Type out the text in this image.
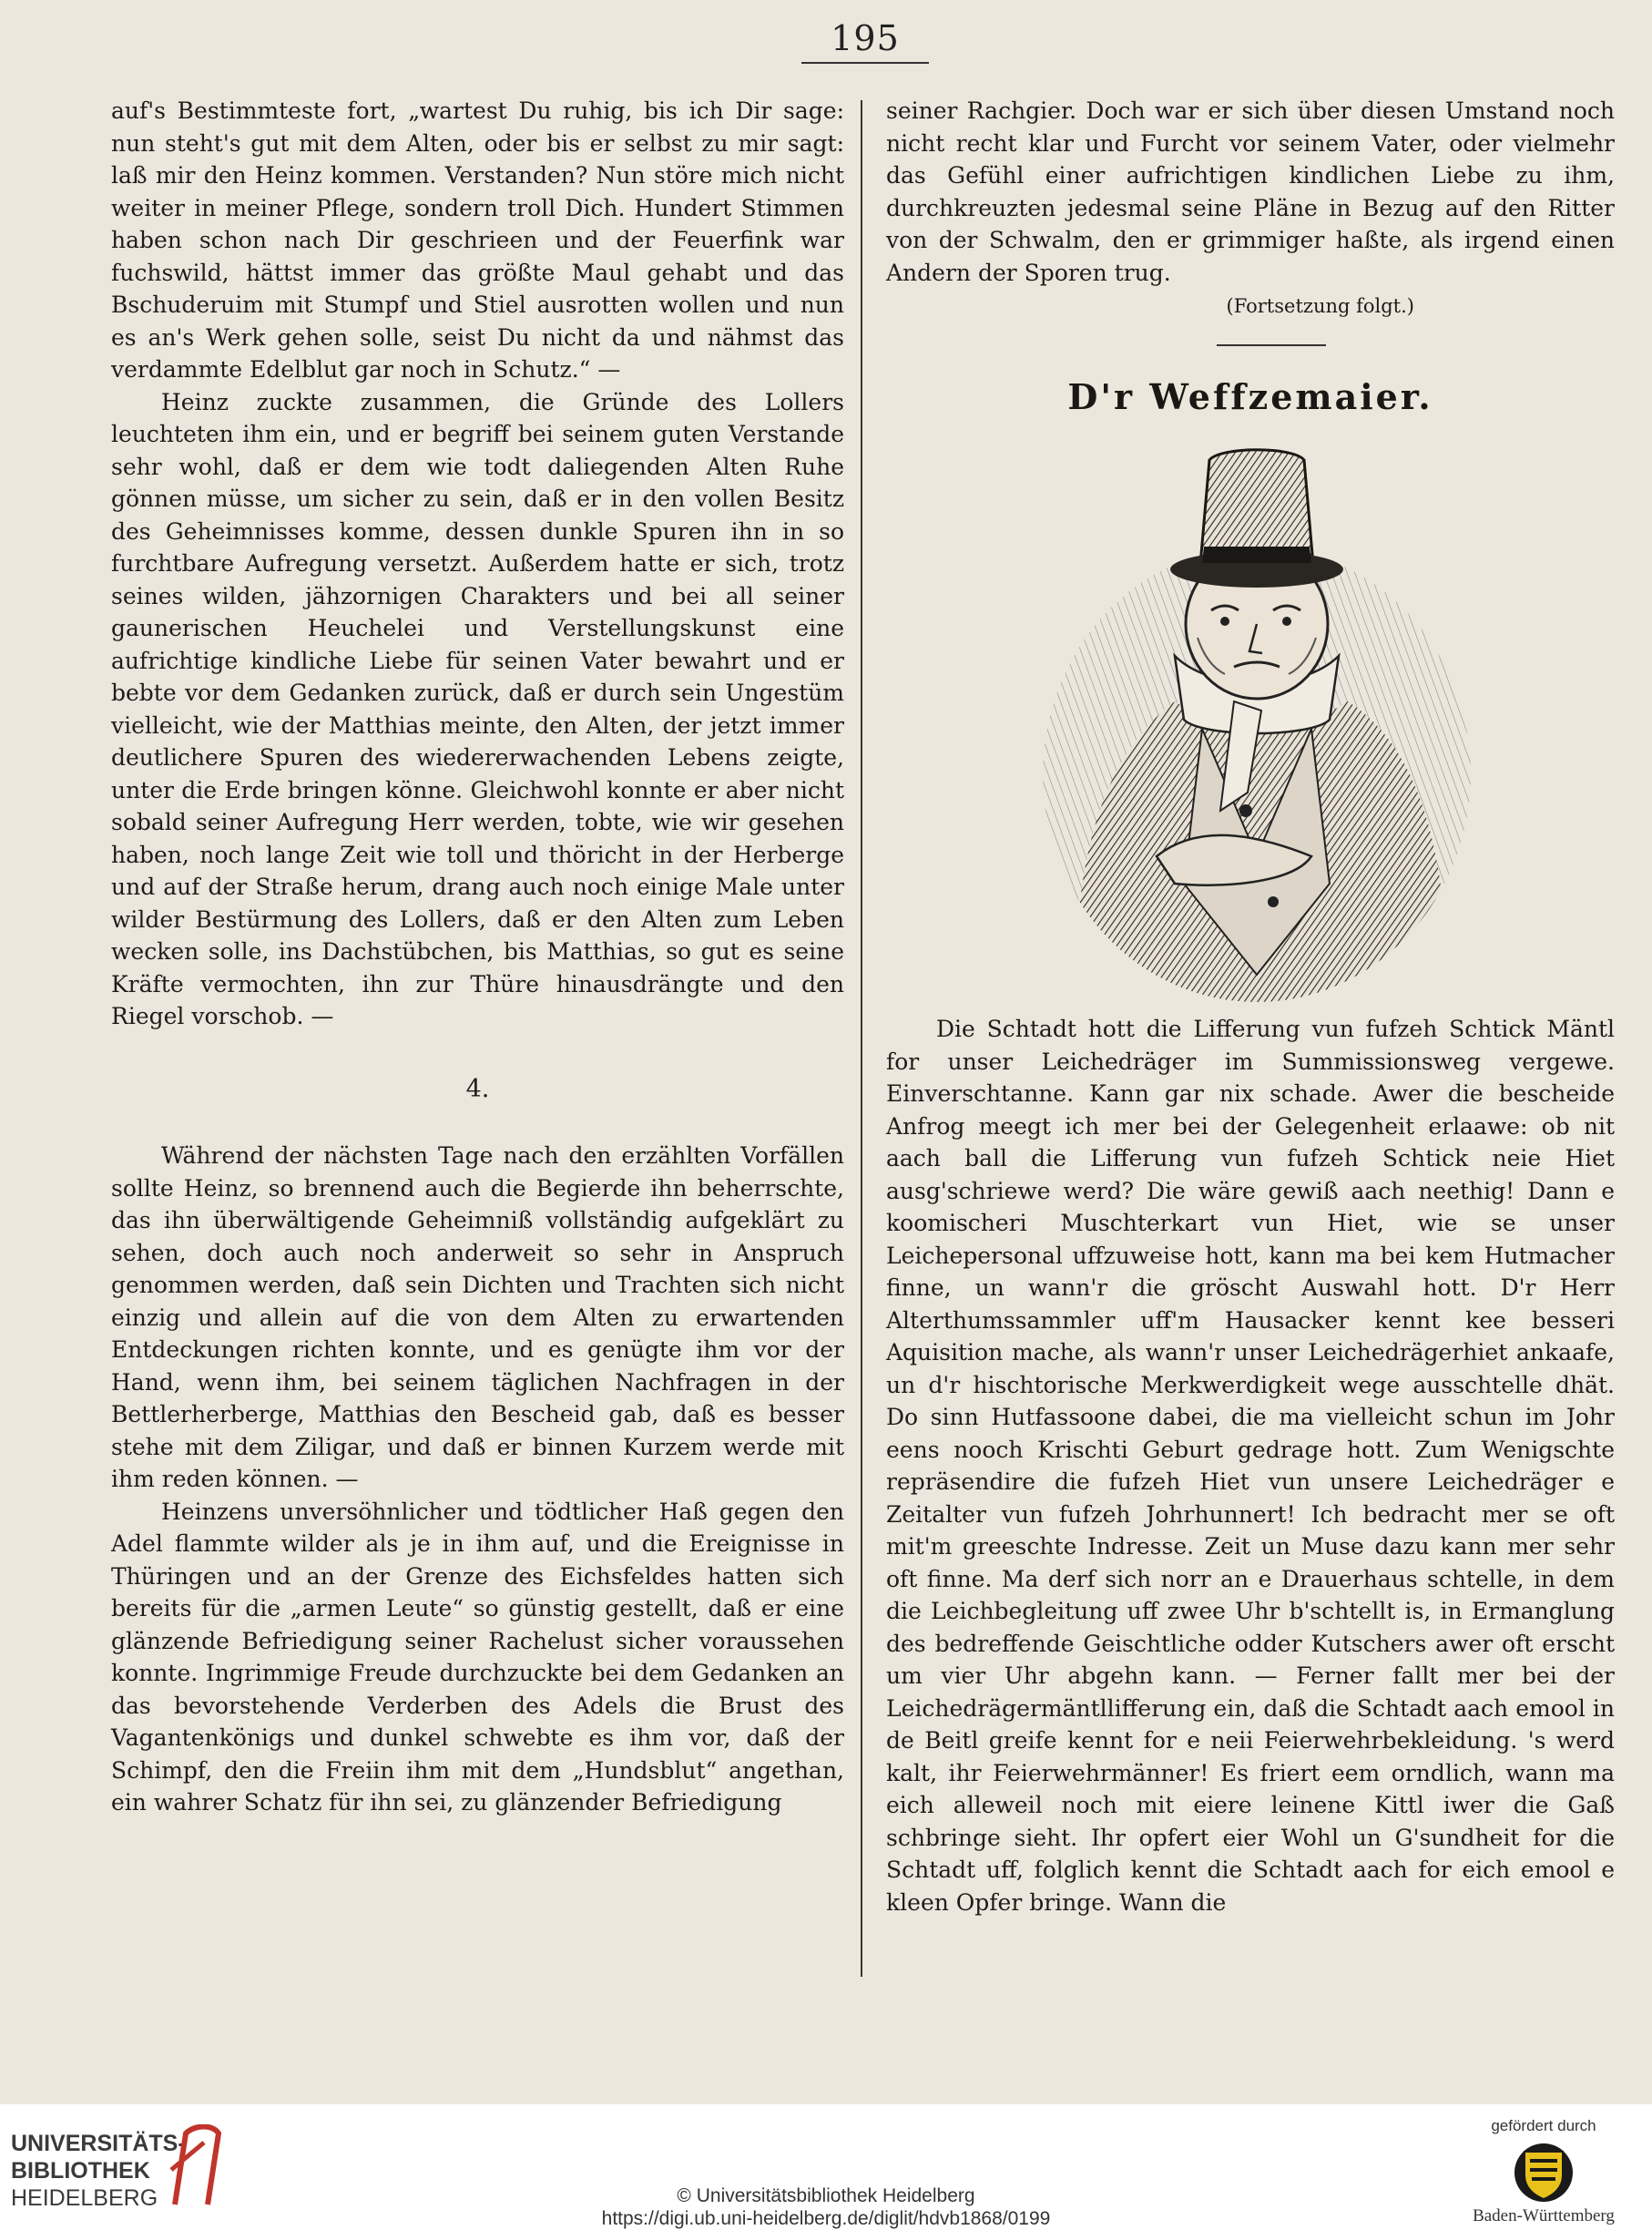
195

auf's Bestimmteste fort, „wartest Du ruhig, bis ich Dir sage: nun steht's gut mit dem Alten, oder bis er selbst zu mir sagt: laß mir den Heinz kommen. Verstanden? Nun störe mich nicht weiter in meiner Pflege, sondern troll Dich. Hundert Stimmen haben schon nach Dir geschrieen und der Feuerfink war fuchswild, hättst immer das größte Maul gehabt und das Bschuderuim mit Stumpf und Stiel ausrotten wollen und nun es an's Werk gehen solle, seist Du nicht da und nähmst das verdammte Edelblut gar noch in Schutz.“ —

Heinz zuckte zusammen, die Gründe des Lollers leuchteten ihm ein, und er begriff bei seinem guten Verstande sehr wohl, daß er dem wie todt daliegenden Alten Ruhe gönnen müsse, um sicher zu sein, daß er in den vollen Besitz des Geheimnisses komme, dessen dunkle Spuren ihn in so furchtbare Aufregung versetzt. Außerdem hatte er sich, trotz seines wilden, jähzornigen Charakters und bei all seiner gaunerischen Heuchelei und Verstellungskunst eine aufrichtige kindliche Liebe für seinen Vater bewahrt und er bebte vor dem Gedanken zurück, daß er durch sein Ungestüm vielleicht, wie der Matthias meinte, den Alten, der jetzt immer deutlichere Spuren des wiedererwachenden Lebens zeigte, unter die Erde bringen könne. Gleichwohl konnte er aber nicht sobald seiner Aufregung Herr werden, tobte, wie wir gesehen haben, noch lange Zeit wie toll und thöricht in der Herberge und auf der Straße herum, drang auch noch einige Male unter wilder Bestürmung des Lollers, daß er den Alten zum Leben wecken solle, ins Dachstübchen, bis Matthias, so gut es seine Kräfte vermochten, ihn zur Thüre hinausdrängte und den Riegel vorschob. —

4.

Während der nächsten Tage nach den erzählten Vorfällen sollte Heinz, so brennend auch die Begierde ihn beherrschte, das ihn überwältigende Geheimniß vollständig aufgeklärt zu sehen, doch auch noch anderweit so sehr in Anspruch genommen werden, daß sein Dichten und Trachten sich nicht einzig und allein auf die von dem Alten zu erwartenden Entdeckungen richten konnte, und es genügte ihm vor der Hand, wenn ihm, bei seinem täglichen Nachfragen in der Bettlerherberge, Matthias den Bescheid gab, daß es besser stehe mit dem Ziligar, und daß er binnen Kurzem werde mit ihm reden können. —

Heinzens unversöhnlicher und tödtlicher Haß gegen den Adel flammte wilder als je in ihm auf, und die Ereignisse in Thüringen und an der Grenze des Eichsfeldes hatten sich bereits für die „armen Leute“ so günstig gestellt, daß er eine glänzende Befriedigung seiner Rachelust sicher voraussehen konnte. Ingrimmige Freude durchzuckte bei dem Gedanken an das bevorstehende Verderben des Adels die Brust des Vagantenkönigs und dunkel schwebte es ihm vor, daß der Schimpf, den die Freiin ihm mit dem „Hundsblut“ angethan, ein wahrer Schatz für ihn sei, zu glänzender Befriedigung

seiner Rachgier. Doch war er sich über diesen Umstand noch nicht recht klar und Furcht vor seinem Vater, oder vielmehr das Gefühl einer aufrichtigen kindlichen Liebe zu ihm, durchkreuzten jedesmal seine Pläne in Bezug auf den Ritter von der Schwalm, den er grimmiger haßte, als irgend einen Andern der Sporen trug.

(Fortsetzung folgt.)
D'r Weffzemaier.

Die Schtadt hott die Lifferung vun fufzeh Schtick Mäntl for unser Leichedräger im Summissionsweg vergewe. Einverschtanne. Kann gar nix schade. Awer die bescheide Anfrog meegt ich mer bei der Gelegenheit erlaawe: ob nit aach ball die Lifferung vun fufzeh Schtick neie Hiet ausg'schriewe werd? Die wäre gewiß aach neethig! Dann e koomischeri Muschterkart vun Hiet, wie se unser Leichepersonal uffzuweise hott, kann ma bei kem Hutmacher finne, un wann'r die gröscht Auswahl hott. D'r Herr Alterthumssammler uff'm Hausacker kennt kee besseri Aquisition mache, als wann'r unser Leichedrägerhiet ankaafe, un d'r hischtorische Merkwerdigkeit wege ausschtelle dhät. Do sinn Hutfassoone dabei, die ma vielleicht schun im Johr eens nooch Krischti Geburt gedrage hott. Zum Wenigschte repräsendire die fufzeh Hiet vun unsere Leichedräger e Zeitalter vun fufzeh Johrhunnert! Ich bedracht mer se oft mit'm greeschte Indresse. Zeit un Muse dazu kann mer sehr oft finne. Ma derf sich norr an e Drauerhaus schtelle, in dem die Leichbegleitung uff zwee Uhr b'schtellt is, in Ermanglung des bedreffende Geischtliche odder Kutschers awer oft erscht um vier Uhr abgehn kann. — Ferner fallt mer bei der Leichedrägermäntllifferung ein, daß die Schtadt aach emool in de Beitl greife kennt for e neii Feierwehrbekleidung. 's werd kalt, ihr Feierwehrmänner! Es friert eem orndlich, wann ma eich alleweil noch mit eiere leinene Kittl iwer die Gaß schbringe sieht. Ihr opfert eier Wohl un G'sundheit for die Schtadt uff, folglich kennt die Schtadt aach for eich emool e kleen Opfer bringe. Wann die

UNIVERSITÄTS-
BIBLIOTHEK
HEIDELBERG	© Universitätsbibliothek Heidelberg
https://digi.ub.uni-heidelberg.de/diglit/hdvb1868/0199
gefördert durch
Baden-Württemberg
